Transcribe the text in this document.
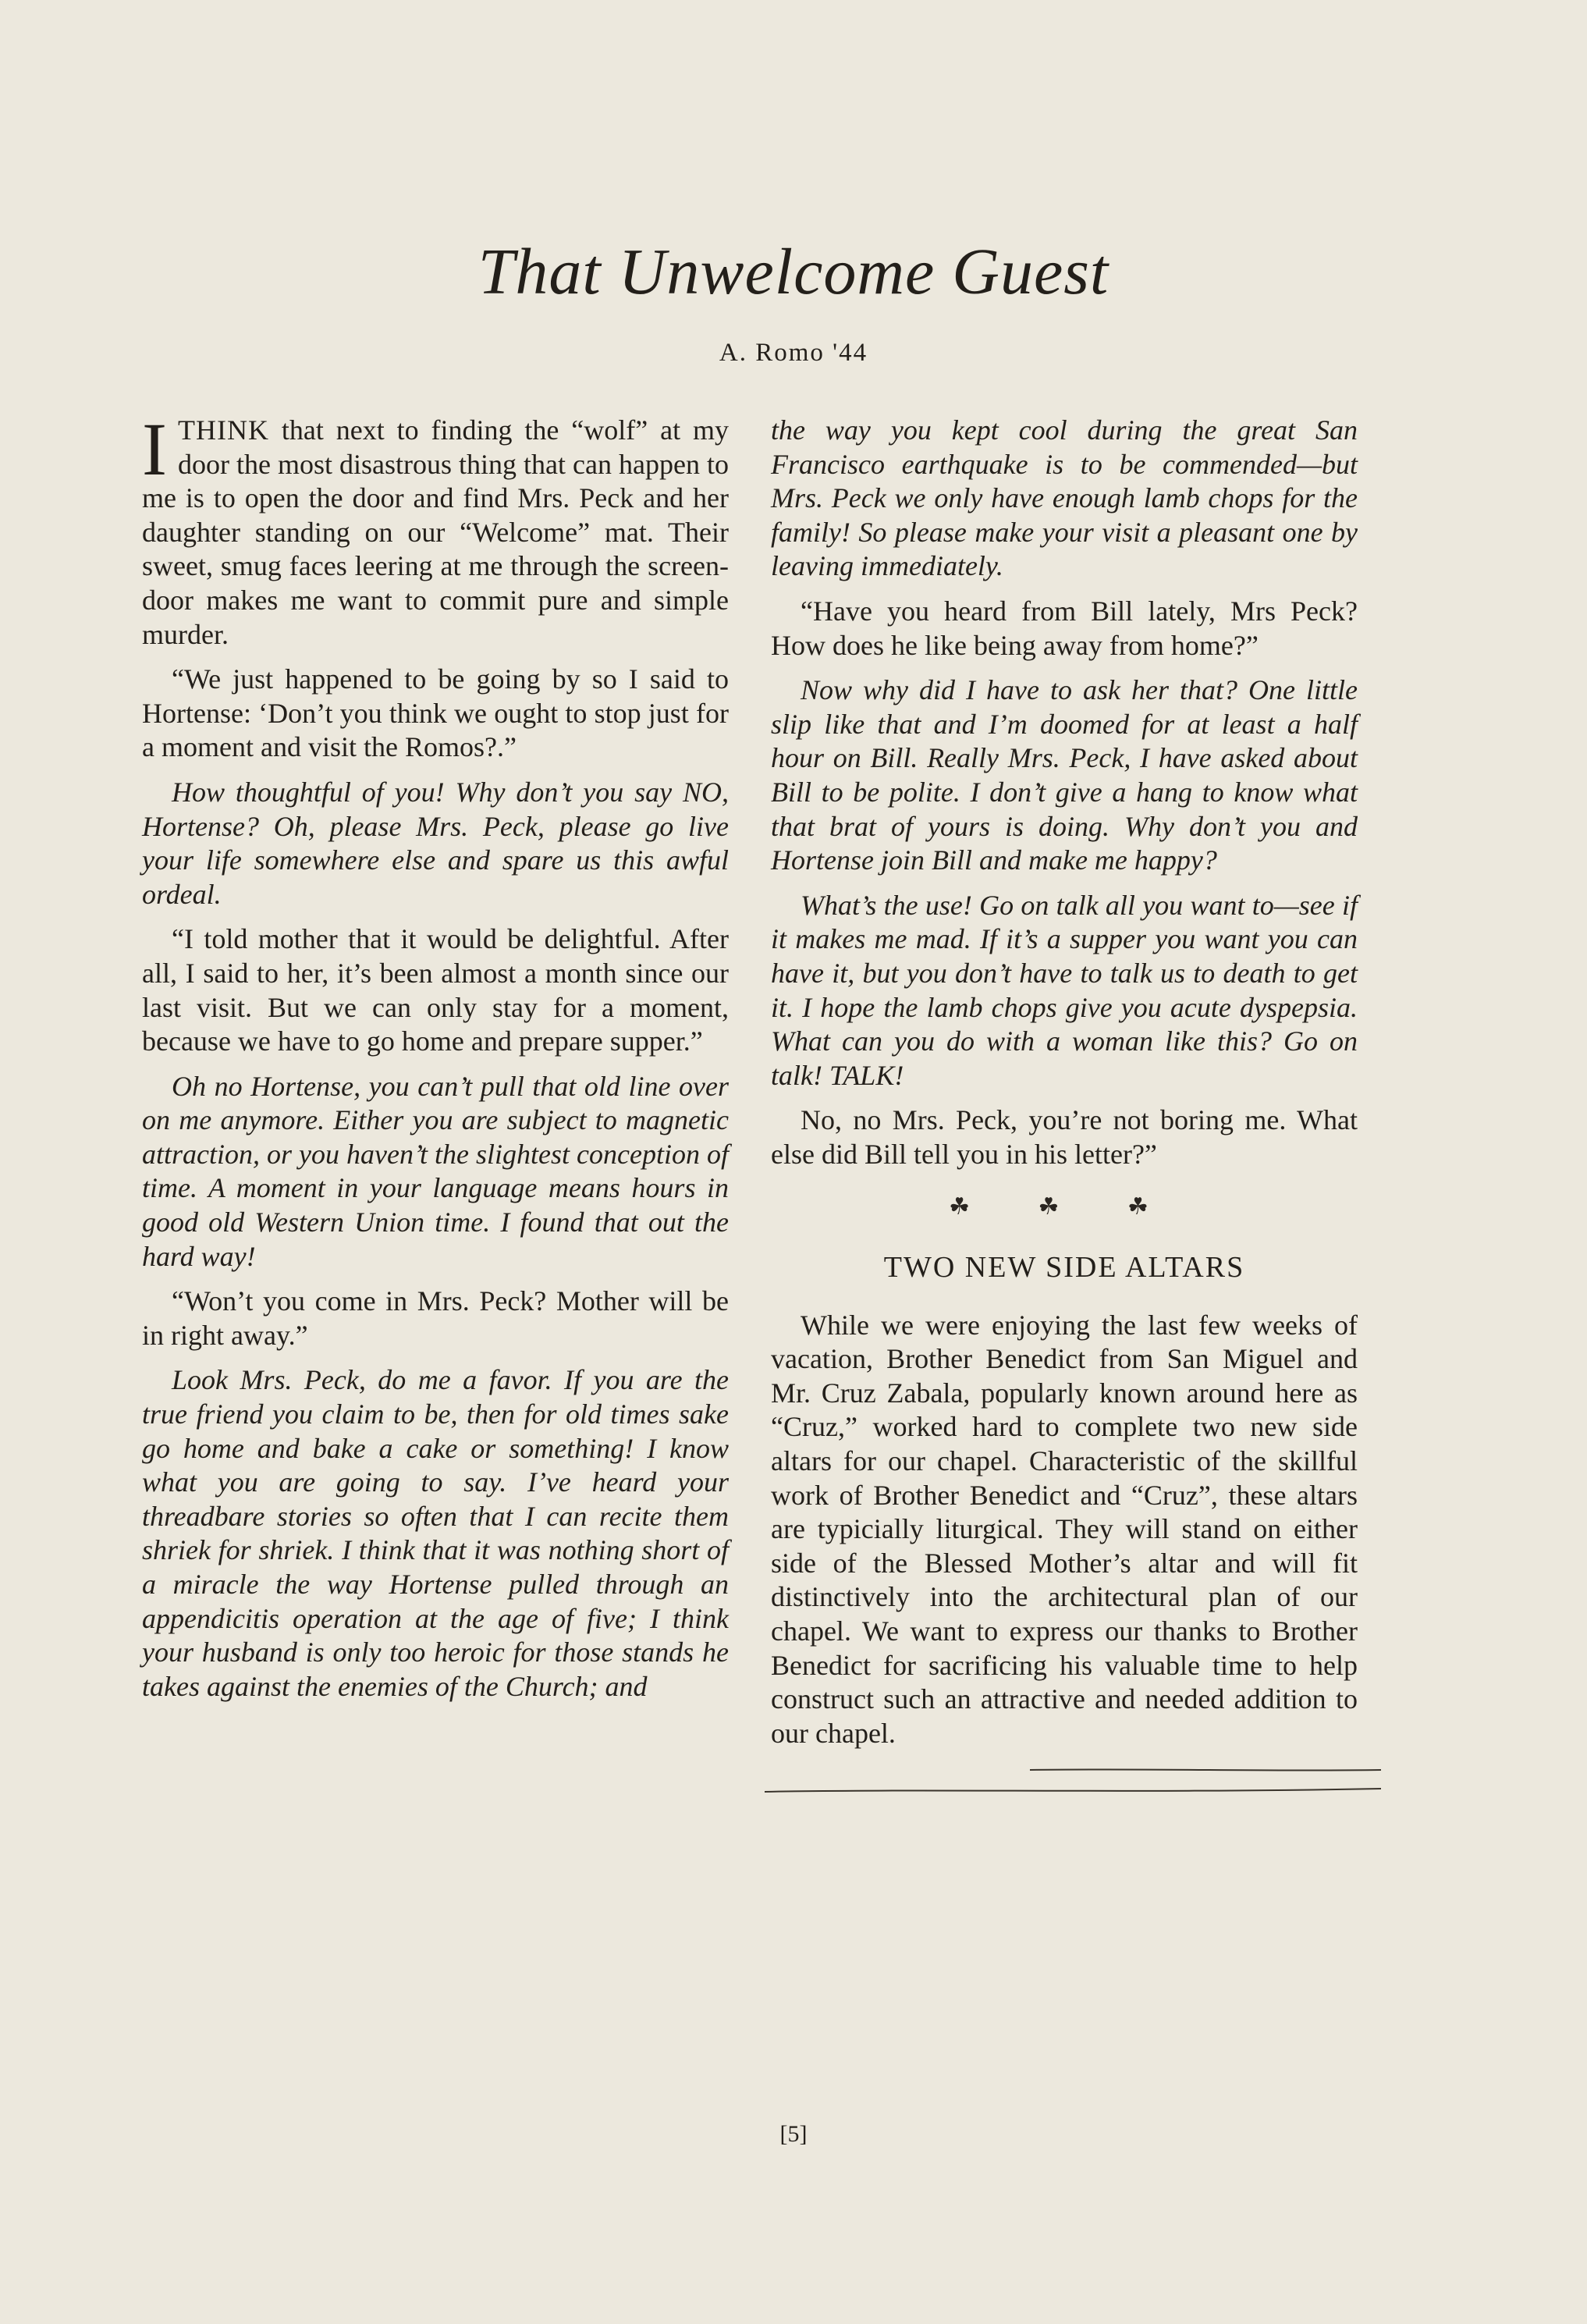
That Unwelcome Guest
A. Romo '44

I THINK that next to finding the “wolf” at my door the most disastrous thing that can happen to me is to open the door and find Mrs. Peck and her daughter standing on our “Welcome” mat. Their sweet, smug faces leering at me through the screen-door makes me want to commit pure and simple murder.

“We just happened to be going by so I said to Hortense: ‘Don’t you think we ought to stop just for a moment and visit the Romos?.”

How thoughtful of you! Why don’t you say NO, Hortense? Oh, please Mrs. Peck, please go live your life somewhere else and spare us this awful ordeal.

“I told mother that it would be delightful. After all, I said to her, it’s been almost a month since our last visit. But we can only stay for a moment, because we have to go home and prepare supper.”

Oh no Hortense, you can’t pull that old line over on me anymore. Either you are subject to magnetic attraction, or you haven’t the slightest conception of time. A moment in your language means hours in good old Western Union time. I found that out the hard way!

“Won’t you come in Mrs. Peck? Mother will be in right away.”

Look Mrs. Peck, do me a favor. If you are the true friend you claim to be, then for old times sake go home and bake a cake or something! I know what you are going to say. I’ve heard your threadbare stories so often that I can recite them shriek for shriek. I think that it was nothing short of a miracle the way Hortense pulled through an appendicitis operation at the age of five; I think your husband is only too heroic for those stands he takes against the enemies of the Church; and

the way you kept cool during the great San Francisco earthquake is to be commended—but Mrs. Peck we only have enough lamb chops for the family! So please make your visit a pleasant one by leaving immediately.

“Have you heard from Bill lately, Mrs Peck? How does he like being away from home?”

Now why did I have to ask her that? One little slip like that and I’m doomed for at least a half hour on Bill. Really Mrs. Peck, I have asked about Bill to be polite. I don’t give a hang to know what that brat of yours is doing. Why don’t you and Hortense join Bill and make me happy?

What’s the use! Go on talk all you want to—see if it makes me mad. If it’s a supper you want you can have it, but you don’t have to talk us to death to get it. I hope the lamb chops give you acute dyspepsia. What can you do with a woman like this? Go on talk! TALK!

No, no Mrs. Peck, you’re not boring me. What else did Bill tell you in his letter?”

☘ ☘ ☘
TWO NEW SIDE ALTARS

While we were enjoying the last few weeks of vacation, Brother Benedict from San Miguel and Mr. Cruz Zabala, popularly known around here as “Cruz,” worked hard to complete two new side altars for our chapel. Characteristic of the skillful work of Brother Benedict and “Cruz”, these altars are typicially liturgical. They will stand on either side of the Blessed Mother’s altar and will fit distinctively into the architectural plan of our chapel. We want to express our thanks to Brother Benedict for sacrificing his valuable time to help construct such an attractive and needed addition to our chapel.

[5]
